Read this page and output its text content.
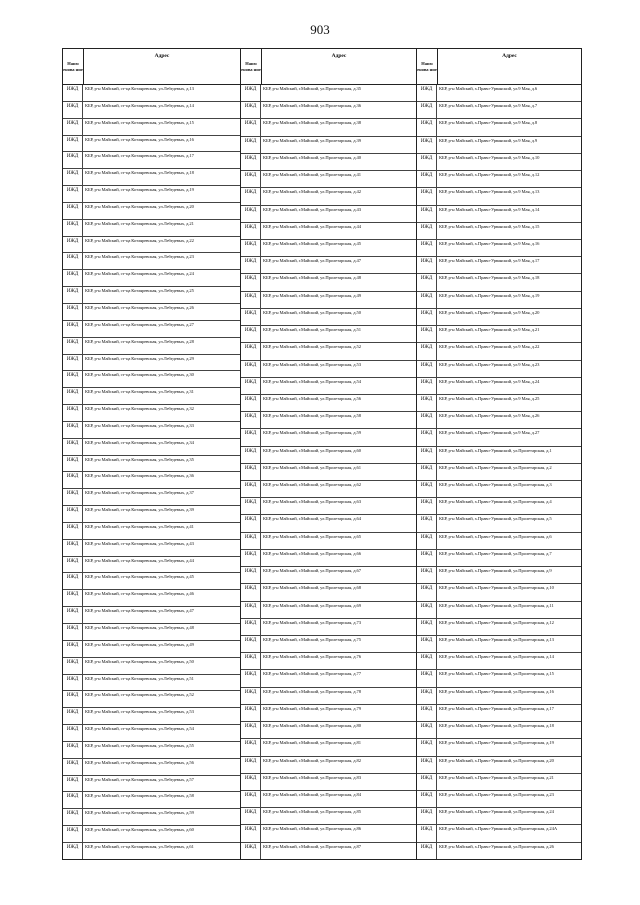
903
Наим енова ние
Адрес
ИЖД	КБР, р-н Майский, ст-ца Котляревская, ул.Лебедевых, д.13
ИЖД	КБР, р-н Майский, ст-ца Котляревская, ул.Лебедевых, д.14
ИЖД	КБР, р-н Майский, ст-ца Котляревская, ул.Лебедевых, д.15
ИЖД	КБР, р-н Майский, ст-ца Котляревская, ул.Лебедевых, д.16
ИЖД	КБР, р-н Майский, ст-ца Котляревская, ул.Лебедевых, д.17
ИЖД	КБР, р-н Майский, ст-ца Котляревская, ул.Лебедевых, д.18
ИЖД	КБР, р-н Майский, ст-ца Котляревская, ул.Лебедевых, д.19
ИЖД	КБР, р-н Майский, ст-ца Котляревская, ул.Лебедевых, д.20
ИЖД	КБР, р-н Майский, ст-ца Котляревская, ул.Лебедевых, д.21
ИЖД	КБР, р-н Майский, ст-ца Котляревская, ул.Лебедевых, д.22
ИЖД	КБР, р-н Майский, ст-ца Котляревская, ул.Лебедевых, д.23
ИЖД	КБР, р-н Майский, ст-ца Котляревская, ул.Лебедевых, д.24
ИЖД	КБР, р-н Майский, ст-ца Котляревская, ул.Лебедевых, д.25
ИЖД	КБР, р-н Майский, ст-ца Котляревская, ул.Лебедевых, д.26
ИЖД	КБР, р-н Майский, ст-ца Котляревская, ул.Лебедевых, д.27
ИЖД	КБР, р-н Майский, ст-ца Котляревская, ул.Лебедевых, д.28
ИЖД	КБР, р-н Майский, ст-ца Котляревская, ул.Лебедевых, д.29
ИЖД	КБР, р-н Майский, ст-ца Котляревская, ул.Лебедевых, д.30
ИЖД	КБР, р-н Майский, ст-ца Котляревская, ул.Лебедевых, д.31
ИЖД	КБР, р-н Майский, ст-ца Котляревская, ул.Лебедевых, д.32
ИЖД	КБР, р-н Майский, ст-ца Котляревская, ул.Лебедевых, д.33
ИЖД	КБР, р-н Майский, ст-ца Котляревская, ул.Лебедевых, д.34
ИЖД	КБР, р-н Майский, ст-ца Котляревская, ул.Лебедевых, д.35
ИЖД	КБР, р-н Майский, ст-ца Котляревская, ул.Лебедевых, д.36
ИЖД	КБР, р-н Майский, ст-ца Котляревская, ул.Лебедевых, д.37
ИЖД	КБР, р-н Майский, ст-ца Котляревская, ул.Лебедевых, д.39
ИЖД	КБР, р-н Майский, ст-ца Котляревская, ул.Лебедевых, д.41
ИЖД	КБР, р-н Майский, ст-ца Котляревская, ул.Лебедевых, д.43
ИЖД	КБР, р-н Майский, ст-ца Котляревская, ул.Лебедевых, д.44
ИЖД	КБР, р-н Майский, ст-ца Котляревская, ул.Лебедевых, д.45
ИЖД	КБР, р-н Майский, ст-ца Котляревская, ул.Лебедевых, д.46
ИЖД	КБР, р-н Майский, ст-ца Котляревская, ул.Лебедевых, д.47
ИЖД	КБР, р-н Майский, ст-ца Котляревская, ул.Лебедевых, д.48
ИЖД	КБР, р-н Майский, ст-ца Котляревская, ул.Лебедевых, д.49
ИЖД	КБР, р-н Майский, ст-ца Котляревская, ул.Лебедевых, д.50
ИЖД	КБР, р-н Майский, ст-ца Котляревская, ул.Лебедевых, д.51
ИЖД	КБР, р-н Майский, ст-ца Котляревская, ул.Лебедевых, д.52
ИЖД	КБР, р-н Майский, ст-ца Котляревская, ул.Лебедевых, д.53
ИЖД	КБР, р-н Майский, ст-ца Котляревская, ул.Лебедевых, д.54
ИЖД	КБР, р-н Майский, ст-ца Котляревская, ул.Лебедевых, д.55
ИЖД	КБР, р-н Майский, ст-ца Котляревская, ул.Лебедевых, д.56
ИЖД	КБР, р-н Майский, ст-ца Котляревская, ул.Лебедевых, д.57
ИЖД	КБР, р-н Майский, ст-ца Котляревская, ул.Лебедевых, д.58
ИЖД	КБР, р-н Майский, ст-ца Котляревская, ул.Лебедевых, д.59
ИЖД	КБР, р-н Майский, ст-ца Котляревская, ул.Лебедевых, д.60
ИЖД	КБР, р-н Майский, ст-ца Котляревская, ул.Лебедевых, д.61
Наим енова ние
Адрес
ИЖД	КБР, р-н Майский, г.Майский, ул.Пролетарская, д.35
ИЖД	КБР, р-н Майский, г.Майский, ул.Пролетарская, д.36
ИЖД	КБР, р-н Майский, г.Майский, ул.Пролетарская, д.38
ИЖД	КБР, р-н Майский, г.Майский, ул.Пролетарская, д.39
ИЖД	КБР, р-н Майский, г.Майский, ул.Пролетарская, д.40
ИЖД	КБР, р-н Майский, г.Майский, ул.Пролетарская, д.41
ИЖД	КБР, р-н Майский, г.Майский, ул.Пролетарская, д.42
ИЖД	КБР, р-н Майский, г.Майский, ул.Пролетарская, д.43
ИЖД	КБР, р-н Майский, г.Майский, ул.Пролетарская, д.44
ИЖД	КБР, р-н Майский, г.Майский, ул.Пролетарская, д.45
ИЖД	КБР, р-н Майский, г.Майский, ул.Пролетарская, д.47
ИЖД	КБР, р-н Майский, г.Майский, ул.Пролетарская, д.48
ИЖД	КБР, р-н Майский, г.Майский, ул.Пролетарская, д.49
ИЖД	КБР, р-н Майский, г.Майский, ул.Пролетарская, д.50
ИЖД	КБР, р-н Майский, г.Майский, ул.Пролетарская, д.51
ИЖД	КБР, р-н Майский, г.Майский, ул.Пролетарская, д.52
ИЖД	КБР, р-н Майский, г.Майский, ул.Пролетарская, д.53
ИЖД	КБР, р-н Майский, г.Майский, ул.Пролетарская, д.54
ИЖД	КБР, р-н Майский, г.Майский, ул.Пролетарская, д.56
ИЖД	КБР, р-н Майский, г.Майский, ул.Пролетарская, д.58
ИЖД	КБР, р-н Майский, г.Майский, ул.Пролетарская, д.59
ИЖД	КБР, р-н Майский, г.Майский, ул.Пролетарская, д.60
ИЖД	КБР, р-н Майский, г.Майский, ул.Пролетарская, д.61
ИЖД	КБР, р-н Майский, г.Майский, ул.Пролетарская, д.62
ИЖД	КБР, р-н Майский, г.Майский, ул.Пролетарская, д.63
ИЖД	КБР, р-н Майский, г.Майский, ул.Пролетарская, д.64
ИЖД	КБР, р-н Майский, г.Майский, ул.Пролетарская, д.65
ИЖД	КБР, р-н Майский, г.Майский, ул.Пролетарская, д.66
ИЖД	КБР, р-н Майский, г.Майский, ул.Пролетарская, д.67
ИЖД	КБР, р-н Майский, г.Майский, ул.Пролетарская, д.68
ИЖД	КБР, р-н Майский, г.Майский, ул.Пролетарская, д.69
ИЖД	КБР, р-н Майский, г.Майский, ул.Пролетарская, д.73
ИЖД	КБР, р-н Майский, г.Майский, ул.Пролетарская, д.75
ИЖД	КБР, р-н Майский, г.Майский, ул.Пролетарская, д.76
ИЖД	КБР, р-н Майский, г.Майский, ул.Пролетарская, д.77
ИЖД	КБР, р-н Майский, г.Майский, ул.Пролетарская, д.78
ИЖД	КБР, р-н Майский, г.Майский, ул.Пролетарская, д.79
ИЖД	КБР, р-н Майский, г.Майский, ул.Пролетарская, д.80
ИЖД	КБР, р-н Майский, г.Майский, ул.Пролетарская, д.81
ИЖД	КБР, р-н Майский, г.Майский, ул.Пролетарская, д.82
ИЖД	КБР, р-н Майский, г.Майский, ул.Пролетарская, д.83
ИЖД	КБР, р-н Майский, г.Майский, ул.Пролетарская, д.84
ИЖД	КБР, р-н Майский, г.Майский, ул.Пролетарская, д.85
ИЖД	КБР, р-н Майский, г.Майский, ул.Пролетарская, д.86
ИЖД	КБР, р-н Майский, г.Майский, ул.Пролетарская, д.87
Наим енова ние
Адрес
ИЖД	КБР, р-н Майский, х.Право-Урванский, ул.9 Мая, д.6
ИЖД	КБР, р-н Майский, х.Право-Урванский, ул.9 Мая, д.7
ИЖД	КБР, р-н Майский, х.Право-Урванский, ул.9 Мая, д.8
ИЖД	КБР, р-н Майский, х.Право-Урванский, ул.9 Мая, д.9
ИЖД	КБР, р-н Майский, х.Право-Урванский, ул.9 Мая, д.10
ИЖД	КБР, р-н Майский, х.Право-Урванский, ул.9 Мая, д.12
ИЖД	КБР, р-н Майский, х.Право-Урванский, ул.9 Мая, д.13
ИЖД	КБР, р-н Майский, х.Право-Урванский, ул.9 Мая, д.14
ИЖД	КБР, р-н Майский, х.Право-Урванский, ул.9 Мая, д.15
ИЖД	КБР, р-н Майский, х.Право-Урванский, ул.9 Мая, д.16
ИЖД	КБР, р-н Майский, х.Право-Урванский, ул.9 Мая, д.17
ИЖД	КБР, р-н Майский, х.Право-Урванский, ул.9 Мая, д.18
ИЖД	КБР, р-н Майский, х.Право-Урванский, ул.9 Мая, д.19
ИЖД	КБР, р-н Майский, х.Право-Урванский, ул.9 Мая, д.20
ИЖД	КБР, р-н Майский, х.Право-Урванский, ул.9 Мая, д.21
ИЖД	КБР, р-н Майский, х.Право-Урванский, ул.9 Мая, д.22
ИЖД	КБР, р-н Майский, х.Право-Урванский, ул.9 Мая, д.23
ИЖД	КБР, р-н Майский, х.Право-Урванский, ул.9 Мая, д.24
ИЖД	КБР, р-н Майский, х.Право-Урванский, ул.9 Мая, д.25
ИЖД	КБР, р-н Майский, х.Право-Урванский, ул.9 Мая, д.26
ИЖД	КБР, р-н Майский, х.Право-Урванский, ул.9 Мая, д.27
ИЖД	КБР, р-н Майский, х.Право-Урванский, ул.Пролетарская, д.1
ИЖД	КБР, р-н Майский, х.Право-Урванский, ул.Пролетарская, д.2
ИЖД	КБР, р-н Майский, х.Право-Урванский, ул.Пролетарская, д.3
ИЖД	КБР, р-н Майский, х.Право-Урванский, ул.Пролетарская, д.4
ИЖД	КБР, р-н Майский, х.Право-Урванский, ул.Пролетарская, д.5
ИЖД	КБР, р-н Майский, х.Право-Урванский, ул.Пролетарская, д.6
ИЖД	КБР, р-н Майский, х.Право-Урванский, ул.Пролетарская, д.7
ИЖД	КБР, р-н Майский, х.Право-Урванский, ул.Пролетарская, д.9
ИЖД	КБР, р-н Майский, х.Право-Урванский, ул.Пролетарская, д.10
ИЖД	КБР, р-н Майский, х.Право-Урванский, ул.Пролетарская, д.11
ИЖД	КБР, р-н Майский, х.Право-Урванский, ул.Пролетарская, д.12
ИЖД	КБР, р-н Майский, х.Право-Урванский, ул.Пролетарская, д.13
ИЖД	КБР, р-н Майский, х.Право-Урванский, ул.Пролетарская, д.14
ИЖД	КБР, р-н Майский, х.Право-Урванский, ул.Пролетарская, д.15
ИЖД	КБР, р-н Майский, х.Право-Урванский, ул.Пролетарская, д.16
ИЖД	КБР, р-н Майский, х.Право-Урванский, ул.Пролетарская, д.17
ИЖД	КБР, р-н Майский, х.Право-Урванский, ул.Пролетарская, д.18
ИЖД	КБР, р-н Майский, х.Право-Урванский, ул.Пролетарская, д.19
ИЖД	КБР, р-н Майский, х.Право-Урванский, ул.Пролетарская, д.20
ИЖД	КБР, р-н Майский, х.Право-Урванский, ул.Пролетарская, д.21
ИЖД	КБР, р-н Майский, х.Право-Урванский, ул.Пролетарская, д.23
ИЖД	КБР, р-н Майский, х.Право-Урванский, ул.Пролетарская, д.24
ИЖД	КБР, р-н Майский, х.Право-Урванский, ул.Пролетарская, д.24А
ИЖД	КБР, р-н Майский, х.Право-Урванский, ул.Пролетарская, д.26
